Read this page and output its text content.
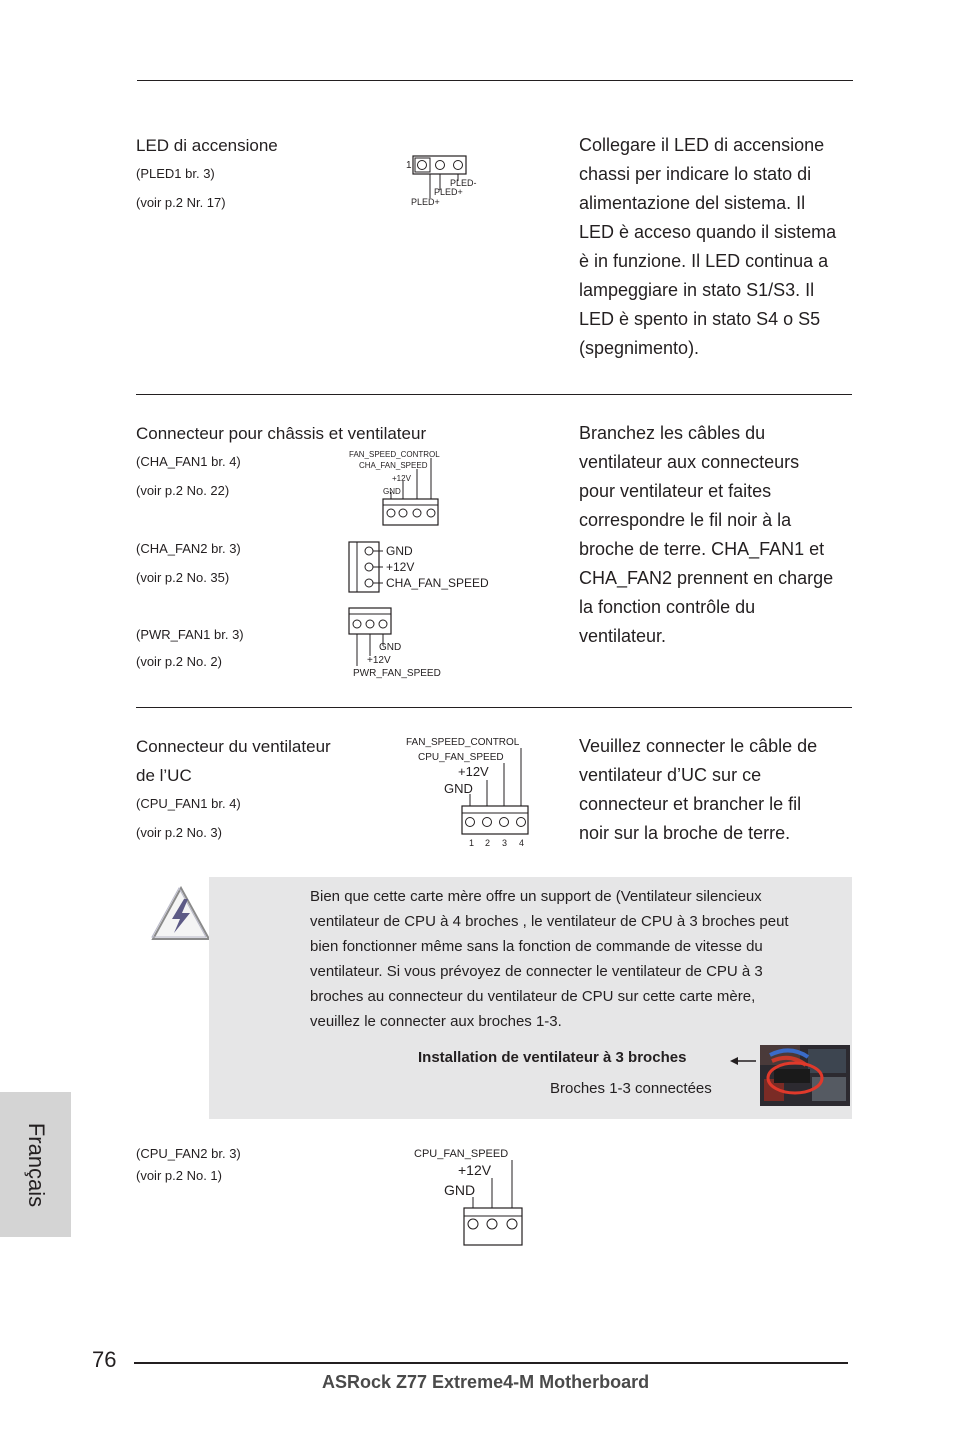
LED di accensione
(PLED1 br. 3)
(voir p.2 Nr. 17)
1
PLED-
PLED+
PLED+
Collegare il LED di accensione
chassi per indicare lo stato di
alimentazione del sistema. Il
LED è acceso quando il sistema
è in funzione. Il LED continua a
lampeggiare in stato S1/S3. Il
LED è spento in stato S4 o S5
(spegnimento).
Connecteur pour châssis et ventilateur
(CHA_FAN1 br. 4)
(voir p.2 No. 22)
(CHA_FAN2 br. 3)
(voir p.2 No. 35)
(PWR_FAN1 br. 3)
(voir p.2 No. 2)
FAN_SPEED_CONTROL
CHA_FAN_SPEED
+12V
GND
GND
+12V
CHA_FAN_SPEED
GND
+12V
PWR_FAN_SPEED
Branchez les câbles du
ventilateur aux connecteurs
pour ventilateur et faites
correspondre le fil noir à la
broche de terre. CHA_FAN1 et
CHA_FAN2 prennent en charge
la fonction contrôle du
ventilateur.
Connecteur du ventilateur
de l’UC
(CPU_FAN1 br. 4)
(voir p.2 No. 3)
FAN_SPEED_CONTROL
CPU_FAN_SPEED
+12V
GND
1 2 3 4
Veuillez connecter le câble de
ventilateur d’UC sur ce
connecteur et brancher le fil
noir sur la broche de terre.
Bien que cette carte mère offre un support de (Ventilateur silencieux
ventilateur de CPU à 4 broches , le ventilateur de CPU à 3 broches peut
bien fonctionner même sans la fonction de commande de vitesse du
ventilateur. Si vous prévoyez de connecter le ventilateur de CPU à 3
broches au connecteur du ventilateur de CPU sur cette carte mère,
veuillez le connecter aux broches 1-3.
Installation de ventilateur à 3 broches
Broches 1-3 connectées
(CPU_FAN2 br. 3)
(voir p.2 No. 1)
CPU_FAN_SPEED
+12V
GND
Français
76
ASRock Z77 Extreme4-M Motherboard
